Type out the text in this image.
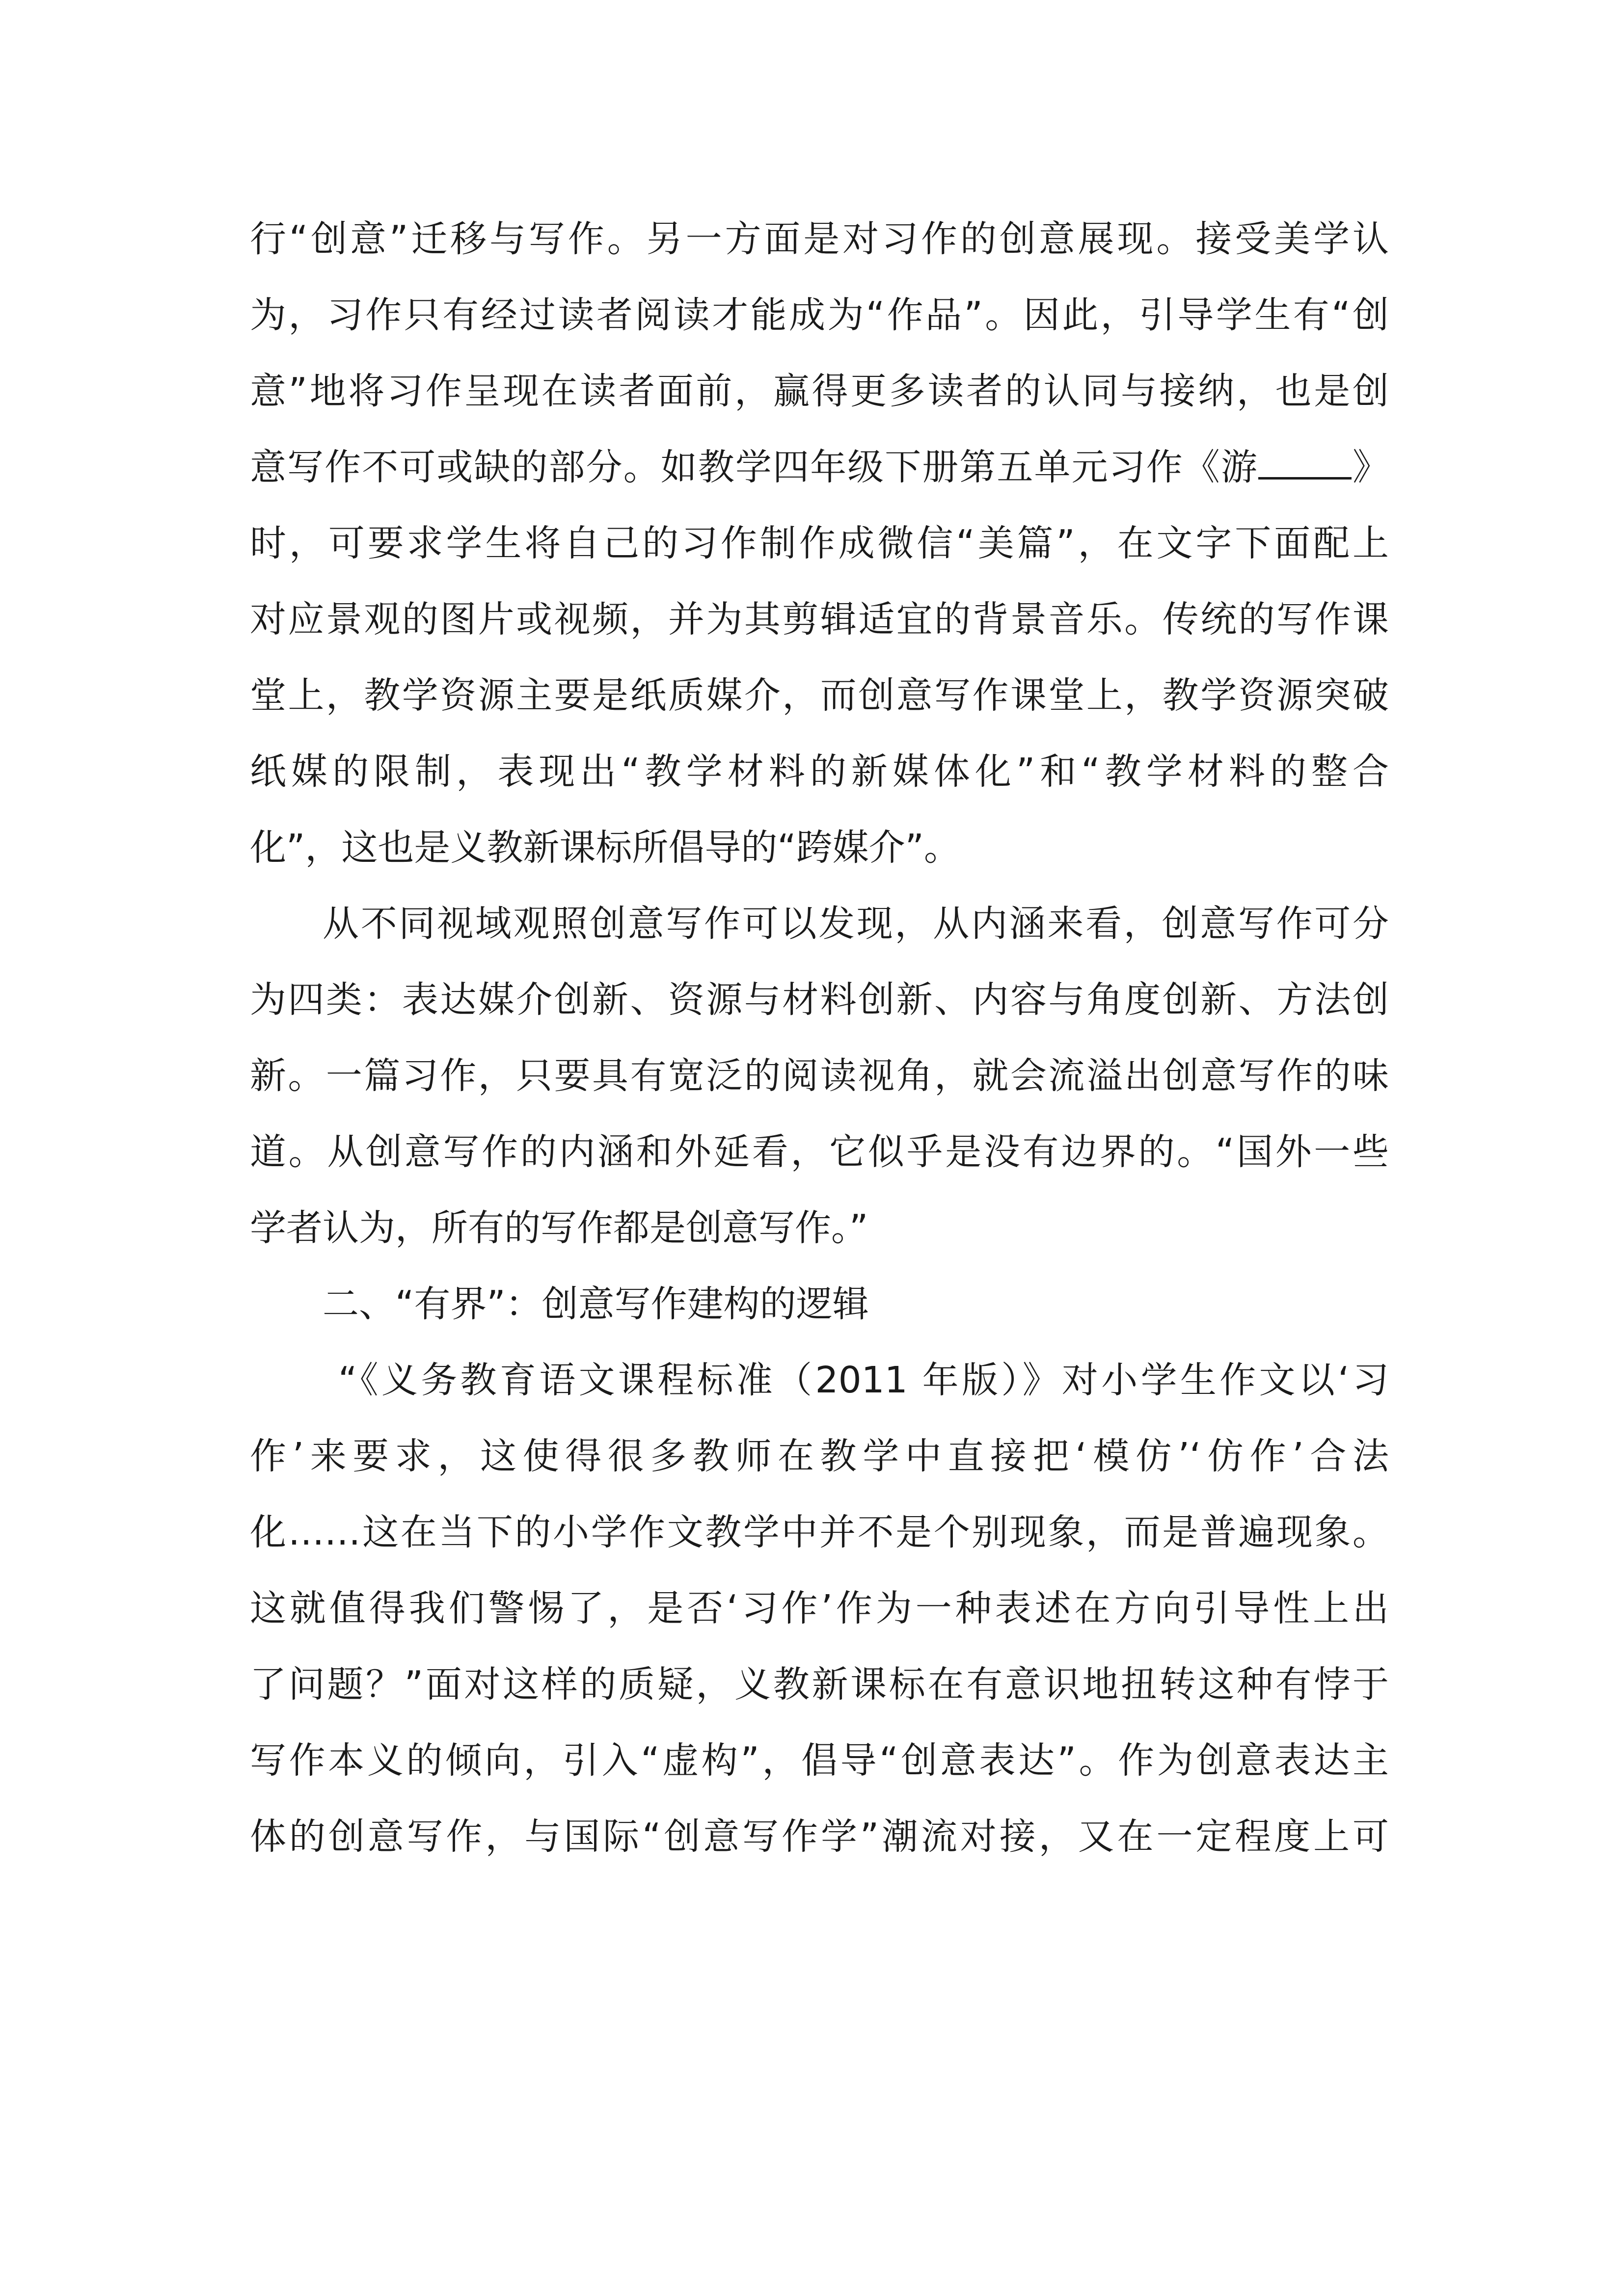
行“创意”迁移与写作。另一方面是对习作的创意展现。接受美学认
为，习作只有经过读者阅读才能成为“作品”。因此，引导学生有“创
意”地将习作呈现在读者面前，赢得更多读者的认同与接纳，也是创
意写作不可或缺的部分。如教学四年级下册第五单元习作《游	》
时，可要求学生将自己的习作制作成微信“美篇”，在文字下面配上
对应景观的图片或视频，并为其剪辑适宜的背景音乐。传统的写作课
堂上，教学资源主要是纸质媒介，而创意写作课堂上，教学资源突破
纸媒的限制，表现出“教学材料的新媒体化”和“教学材料的整合
化”，这也是义教新课标所倡导的“跨媒介”。
从不同视域观照创意写作可以发现，从内涵来看，创意写作可分
为四类：表达媒介创新、资源与材料创新、内容与角度创新、方法创
新。一篇习作，只要具有宽泛的阅读视角，就会流溢出创意写作的味
道。从创意写作的内涵和外延看，它似乎是没有边界的。“国外一些
学者认为，所有的写作都是创意写作。”
二、“有界”：创意写作建构的逻辑
“《义务教育语文课程标准（2011 年版）》对小学生作文以‘习
作’来要求，这使得很多教师在教学中直接把‘模仿’‘仿作’合法
化……这在当下的小学作文教学中并不是个别现象，而是普遍现象。
这就值得我们警惕了，是否‘习作’作为一种表述在方向引导性上出
了问题？”面对这样的质疑，义教新课标在有意识地扭转这种有悖于
写作本义的倾向，引入“虚构”，倡导“创意表达”。作为创意表达主
体的创意写作，与国际“创意写作学”潮流对接，又在一定程度上可
